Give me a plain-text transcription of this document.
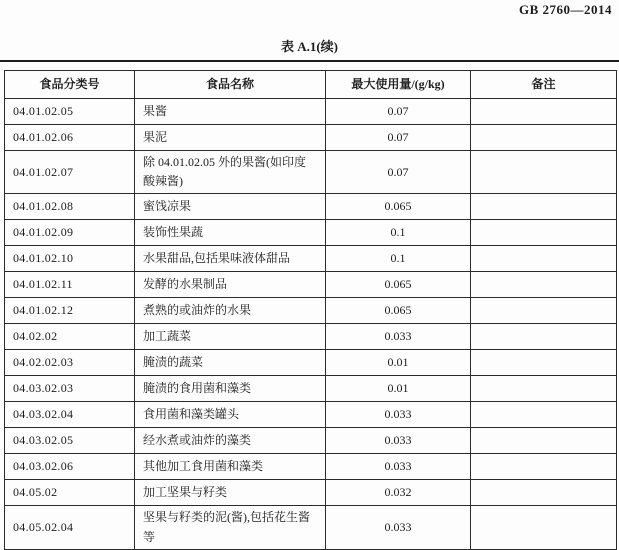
GB 2760—2014
表 A.1(续)
食品分类号	食品名称	最大使用量/(g/kg)	备注
04.01.02.05	果酱	0.07	
04.01.02.06	果泥	0.07	
04.01.02.07	除 04.01.02.05 外的果酱(如印度酸辣酱)	0.07	
04.01.02.08	蜜饯凉果	0.065	
04.01.02.09	装饰性果蔬	0.1	
04.01.02.10	水果甜品,包括果味液体甜品	0.1	
04.01.02.11	发酵的水果制品	0.065	
04.01.02.12	煮熟的或油炸的水果	0.065	
04.02.02	加工蔬菜	0.033	
04.02.02.03	腌渍的蔬菜	0.01	
04.03.02.03	腌渍的食用菌和藻类	0.01	
04.03.02.04	食用菌和藻类罐头	0.033	
04.03.02.05	经水煮或油炸的藻类	0.033	
04.03.02.06	其他加工食用菌和藻类	0.033	
04.05.02	加工坚果与籽类	0.032	
04.05.02.04	坚果与籽类的泥(酱),包括花生酱等	0.033	
